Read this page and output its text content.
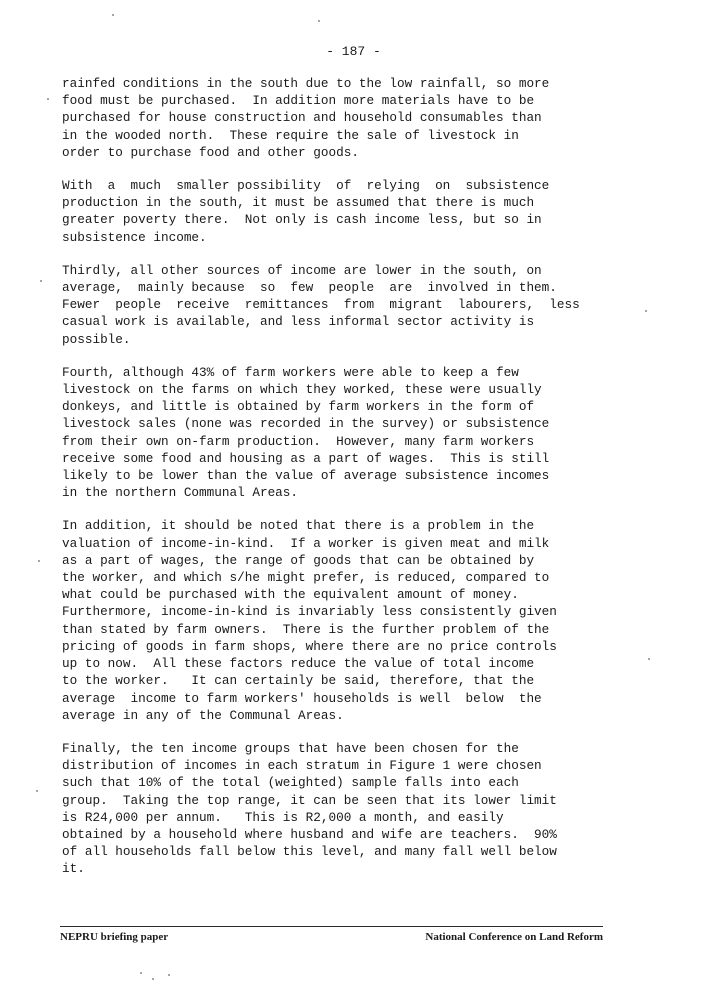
- 187 -

rainfed conditions in the south due to the low rainfall, so more
food must be purchased.  In addition more materials have to be
purchased for house construction and household consumables than
in the wooded north.  These require the sale of livestock in
order to purchase food and other goods.

With  a  much  smaller possibility  of  relying  on  subsistence
production in the south, it must be assumed that there is much
greater poverty there.  Not only is cash income less, but so in
subsistence income.

Thirdly, all other sources of income are lower in the south, on
average,  mainly because  so  few  people  are  involved in them.
Fewer  people  receive  remittances  from  migrant  labourers,  less
casual work is available, and less informal sector activity is
possible.

Fourth, although 43% of farm workers were able to keep a few
livestock on the farms on which they worked, these were usually
donkeys, and little is obtained by farm workers in the form of
livestock sales (none was recorded in the survey) or subsistence
from their own on-farm production.  However, many farm workers
receive some food and housing as a part of wages.  This is still
likely to be lower than the value of average subsistence incomes
in the northern Communal Areas.

In addition, it should be noted that there is a problem in the
valuation of income-in-kind.  If a worker is given meat and milk
as a part of wages, the range of goods that can be obtained by
the worker, and which s/he might prefer, is reduced, compared to
what could be purchased with the equivalent amount of money.
Furthermore, income-in-kind is invariably less consistently given
than stated by farm owners.  There is the further problem of the
pricing of goods in farm shops, where there are no price controls
up to now.  All these factors reduce the value of total income
to the worker.   It can certainly be said, therefore, that the
average  income to farm workers' households is well  below  the
average in any of the Communal Areas.

Finally, the ten income groups that have been chosen for the
distribution of incomes in each stratum in Figure 1 were chosen
such that 10% of the total (weighted) sample falls into each
group.  Taking the top range, it can be seen that its lower limit
is R24,000 per annum.   This is R2,000 a month, and easily
obtained by a household where husband and wife are teachers.  90%
of all households fall below this level, and many fall well below
it.

NEPRU briefing paper	National Conference on Land Reform
